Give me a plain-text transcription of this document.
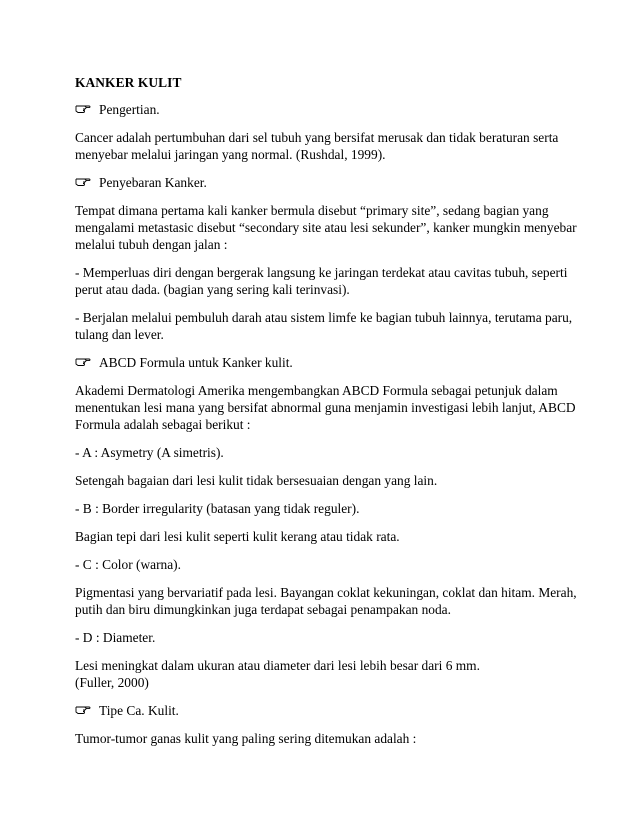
KANKER KULIT
Pengertian.
Cancer adalah pertumbuhan dari sel tubuh yang bersifat merusak dan tidak beraturan serta
menyebar melalui jaringan yang normal. (Rushdal, 1999).
Penyebaran Kanker.
Tempat dimana pertama kali kanker bermula disebut “primary site”, sedang bagian yang
mengalami metastasic disebut “secondary site atau lesi sekunder”, kanker mungkin menyebar
melalui tubuh dengan jalan :
- Memperluas diri dengan bergerak langsung ke jaringan terdekat atau cavitas tubuh, seperti
perut atau dada. (bagian yang sering kali terinvasi).
- Berjalan melalui pembuluh darah atau sistem limfe ke bagian tubuh lainnya, terutama paru,
tulang dan lever.
ABCD Formula untuk Kanker kulit.
Akademi Dermatologi Amerika mengembangkan ABCD Formula sebagai petunjuk dalam
menentukan lesi mana yang bersifat abnormal guna menjamin investigasi lebih lanjut, ABCD
Formula adalah sebagai berikut :
- A : Asymetry (A simetris).
Setengah bagaian dari lesi kulit tidak bersesuaian dengan yang lain.
- B : Border irregularity (batasan yang tidak reguler).
Bagian tepi dari lesi kulit seperti kulit kerang atau tidak rata.
- C : Color (warna).
Pigmentasi yang bervariatif pada lesi. Bayangan coklat kekuningan, coklat dan hitam. Merah,
putih dan biru dimungkinkan juga terdapat sebagai penampakan noda.
- D : Diameter.
Lesi meningkat dalam ukuran atau diameter dari lesi lebih besar dari 6 mm.
(Fuller, 2000)
Tipe Ca. Kulit.
Tumor-tumor ganas kulit yang paling sering ditemukan adalah :
